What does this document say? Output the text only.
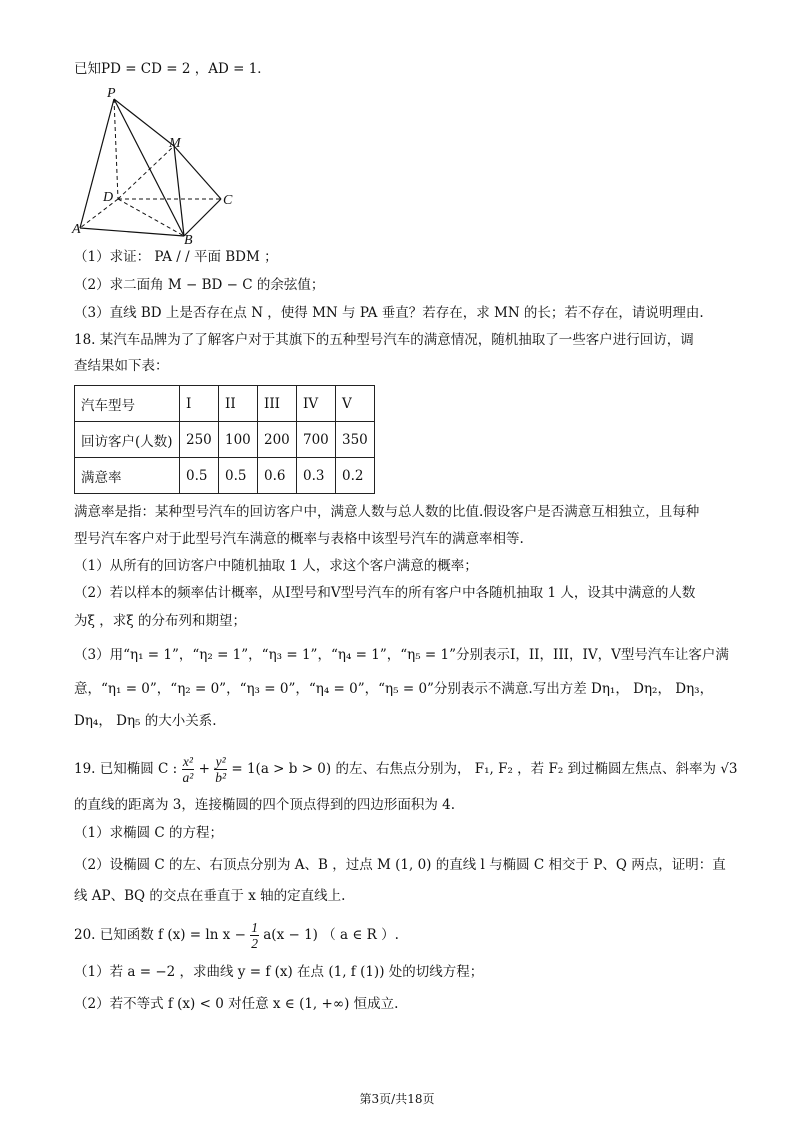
已知PD = CD = 2 ，AD = 1．
P
M
D	C
A
B
（1）求证： PA / / 平面 BDM ；
（2）求二面角 M − BD − C 的余弦值；
（3）直线 BD 上是否存在点 N ，使得 MN 与 PA 垂直？若存在，求 MN 的长；若不存在，请说明理由.
18. 某汽车品牌为了了解客户对于其旗下的五种型号汽车的满意情况，随机抽取了一些客户进行回访，调
查结果如下表：
汽车型号	I	II	III	IV	V
回访客户(人数)	250	100	200	700	350
满意率	0.5	0.5	0.6	0.3	0.2
满意率是指：某种型号汽车的回访客户中，满意人数与总人数的比值.假设客户是否满意互相独立，且每种
型号汽车客户对于此型号汽车满意的概率与表格中该型号汽车的满意率相等.
（1）从所有的回访客户中随机抽取 1 人，求这个客户满意的概率；
（2）若以样本的频率估计概率，从I型号和V型号汽车的所有客户中各随机抽取 1 人，设其中满意的人数
为ξ ，求ξ 的分布列和期望；
（3）用“η₁ = 1”，“η₂ = 1”，“η₃ = 1”，“η₄ = 1”，“η₅ = 1”分别表示I，II，III，IV，V型号汽车让客户满
意，“η₁ = 0”，“η₂ = 0”，“η₃ = 0”，“η₄ = 0”，“η₅ = 0”分别表示不满意.写出方差 Dη₁， Dη₂， Dη₃，
Dη₄， Dη₅ 的大小关系.
19. 已知椭圆 C : $\frac{\text{x²}}{\text{a²}} + \frac{\text{y²}}{\text{b²}} = 1(a > b > 0)$ 的左、右焦点分别为， F₁, F₂ ，若 F₂ 到过椭圆左焦点、斜率为 √3
的直线的距离为 3，连接椭圆的四个顶点得到的四边形面积为 4.
（1）求椭圆 C 的方程；
（2）设椭圆 C 的左、右顶点分别为 A、B ，过点 M (1, 0) 的直线 l 与椭圆 C 相交于 P、Q 两点，证明：直
线 AP、BQ 的交点在垂直于 x 轴的定直线上.
20. 已知函数 f $(x) = \ln x - \frac{1}{2} a(x - 1)$ （ a ∈ R ）.
（1）若 a = −2 ，求曲线 y = f (x) 在点 (1, f (1)) 处的切线方程；
（2）若不等式 f (x) < 0 对任意 x ∈ (1, +∞) 恒成立.
第3页/共18页
